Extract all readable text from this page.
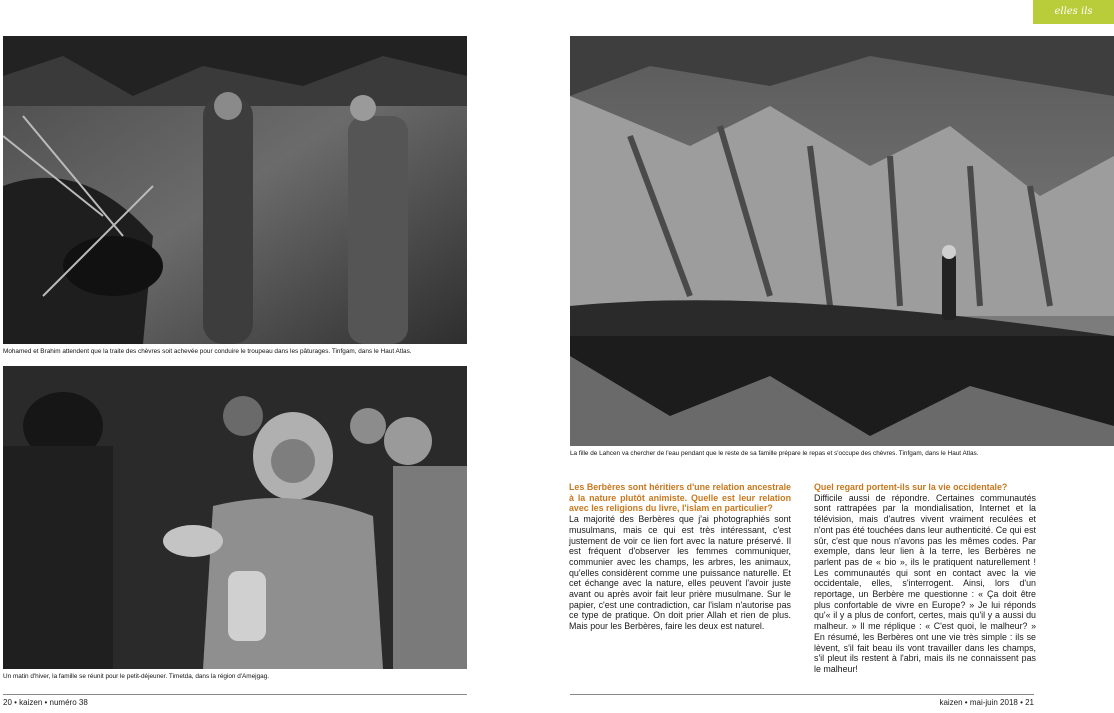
elles ils
Mohamed et Brahim attendent que la traite des chèvres soit achevée pour conduire le troupeau dans les pâturages. Tinfgam, dans le Haut Atlas.
Un matin d'hiver, la famille se réunit pour le petit-déjeuner. Timetda, dans la région d'Amejgag.
La fille de Lahcen va chercher de l'eau pendant que le reste de sa famille prépare le repas et s'occupe des chèvres. Tinfgam, dans le Haut Atlas.
Les Berbères sont héritiers d'une relation ancestrale à la nature plutôt animiste. Quelle est leur relation avec les religions du livre, l'islam en particulier?
La majorité des Berbères que j'ai photographiés sont musulmans, mais ce qui est très intéressant, c'est justement de voir ce lien fort avec la nature préservé. Il est fréquent d'observer les femmes communiquer, communier avec les champs, les arbres, les animaux, qu'elles considèrent comme une puissance naturelle. Et cet échange avec la nature, elles peuvent l'avoir juste avant ou après avoir fait leur prière musulmane. Sur le papier, c'est une contradiction, car l'islam n'autorise pas ce type de pratique. On doit prier Allah et rien de plus. Mais pour les Berbères, faire les deux est naturel.
Quel regard portent-ils sur la vie occidentale?
Difficile aussi de répondre. Certaines communautés sont rattrapées par la mondialisation, Internet et la télévision, mais d'autres vivent vraiment reculées et n'ont pas été touchées dans leur authenticité. Ce qui est sûr, c'est que nous n'avons pas les mêmes codes. Par exemple, dans leur lien à la terre, les Berbères ne parlent pas de « bio », ils le pratiquent naturellement ! Les communautés qui sont en contact avec la vie occidentale, elles, s'interrogent. Ainsi, lors d'un reportage, un Berbère me questionne : « Ça doit être plus confortable de vivre en Europe? » Je lui réponds qu'« il y a plus de confort, certes, mais qu'il y a aussi du malheur. » Il me réplique : « C'est quoi, le malheur? » En résumé, les Berbères ont une vie très simple : ils se lèvent, s'il fait beau ils vont travailler dans les champs, s'il pleut ils restent à l'abri, mais ils ne connaissent pas le malheur!
20 • kaizen • numéro 38	kaizen • mai-juin 2018 • 21
